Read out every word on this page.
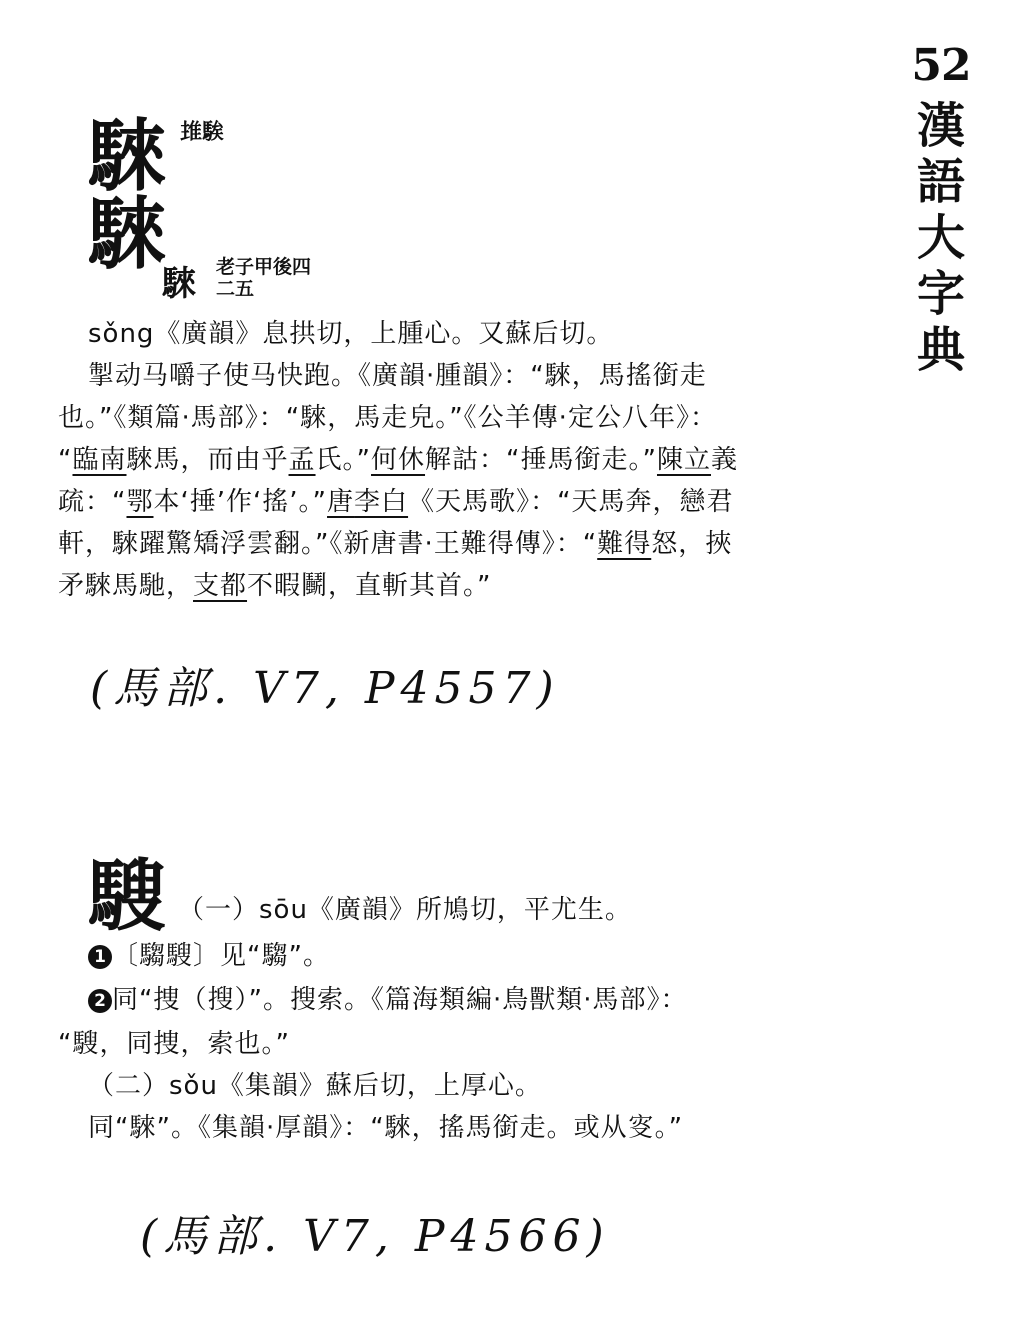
52
漢
語
大
字
典
騋 𨾨騃
騋
騋 老子甲後四
二五
sǒng《廣韻》息拱切，上腫心。又蘇后切。
掣动马嚼子使马快跑。《廣韻·腫韻》：“騋，馬搖銜走
也。”《類篇·馬部》：“騋，馬走皃。”《公羊傳·定公八年》：
“臨南騋馬，而由乎孟氏。”何休解詁：“捶馬銜走。”陳立義
疏：“鄂本‘捶’作‘搖’。”唐李白《天馬歌》：“天馬奔，戀君
軒，騋躍驚矯浮雲翻。”《新唐書·王難得傳》：“難得怒，挾
矛騋馬馳，支都不暇鬭，直斬其首。”
(馬部. V7, P4557)
騪 （一）sōu《廣韻》所鳩切，平尤生。
1 〔騶騪〕见“騶”。
2 同“捜（搜）”。搜索。《篇海類編·鳥獸類·馬部》：
“騪，同捜，索也。”
（二）sǒu《集韻》蘇后切，上厚心。
同“騋”。《集韻·厚韻》：“騋，搖馬銜走。或从叜。”
(馬部. V7, P4566)
